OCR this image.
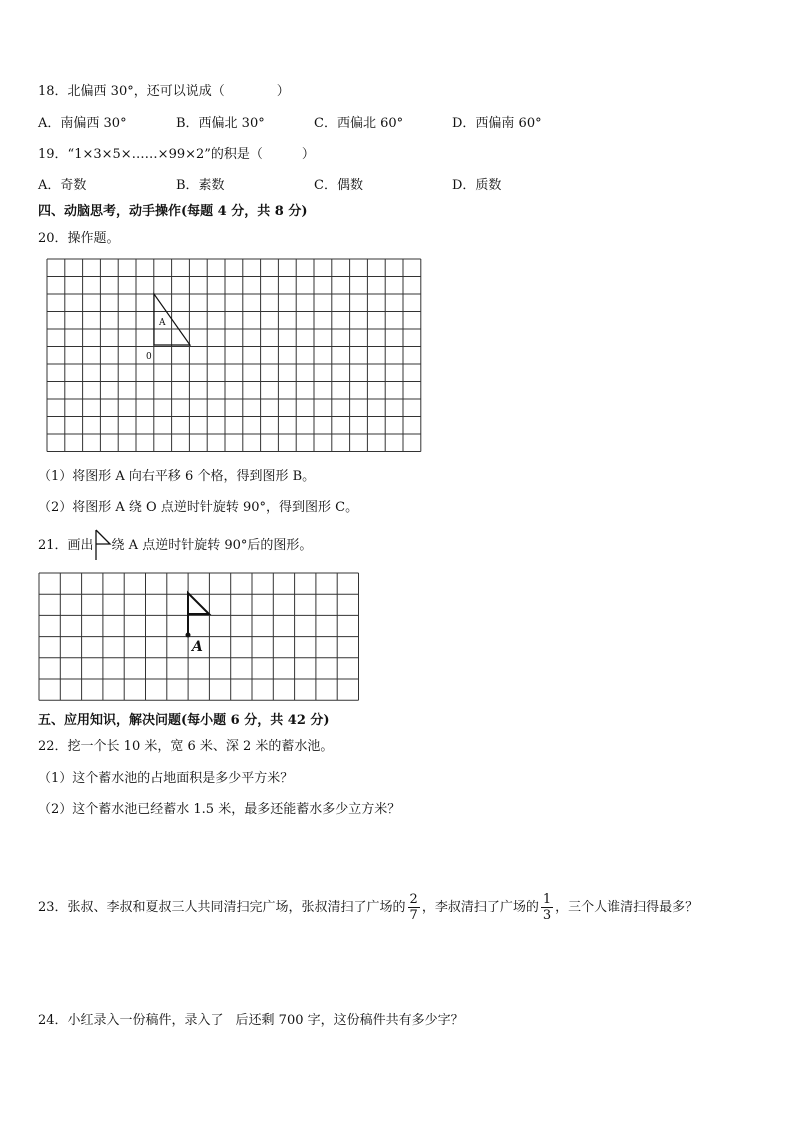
18．北偏西 30°，还可以说成（　　　　）
A．南偏西 30°	B．西偏北 30°	C．西偏北 60°	D．西偏南 60°
19．“1×3×5×……×99×2”的积是（　　　）
A．奇数	B．素数	C．偶数	D．质数
四、动脑思考，动手操作(每题 4 分，共 8 分)
20．操作题。
A
0
（1）将图形 A 向右平移 6 个格，得到图形 B。
（2）将图形 A 绕 O 点逆时针旋转 90°，得到图形 C。
21．画出 绕 A 点逆时针旋转 90°后的图形。
A
五、应用知识，解决问题(每小题 6 分，共 42 分)
22．挖一个长 10 米，宽 6 米、深 2 米的蓄水池。
（1）这个蓄水池的占地面积是多少平方米？
（2）这个蓄水池已经蓄水 1.5 米，最多还能蓄水多少立方米？
23．张叔、李叔和夏叔三人共同清扫完广场，张叔清扫了广场的 $\frac{2}{7}$ ，李叔清扫了广场的 $\frac{1}{3}$ ，三个人谁清扫得最多？
24．小红录入一份稿件，录入了 后还剩 700 字，这份稿件共有多少字？
